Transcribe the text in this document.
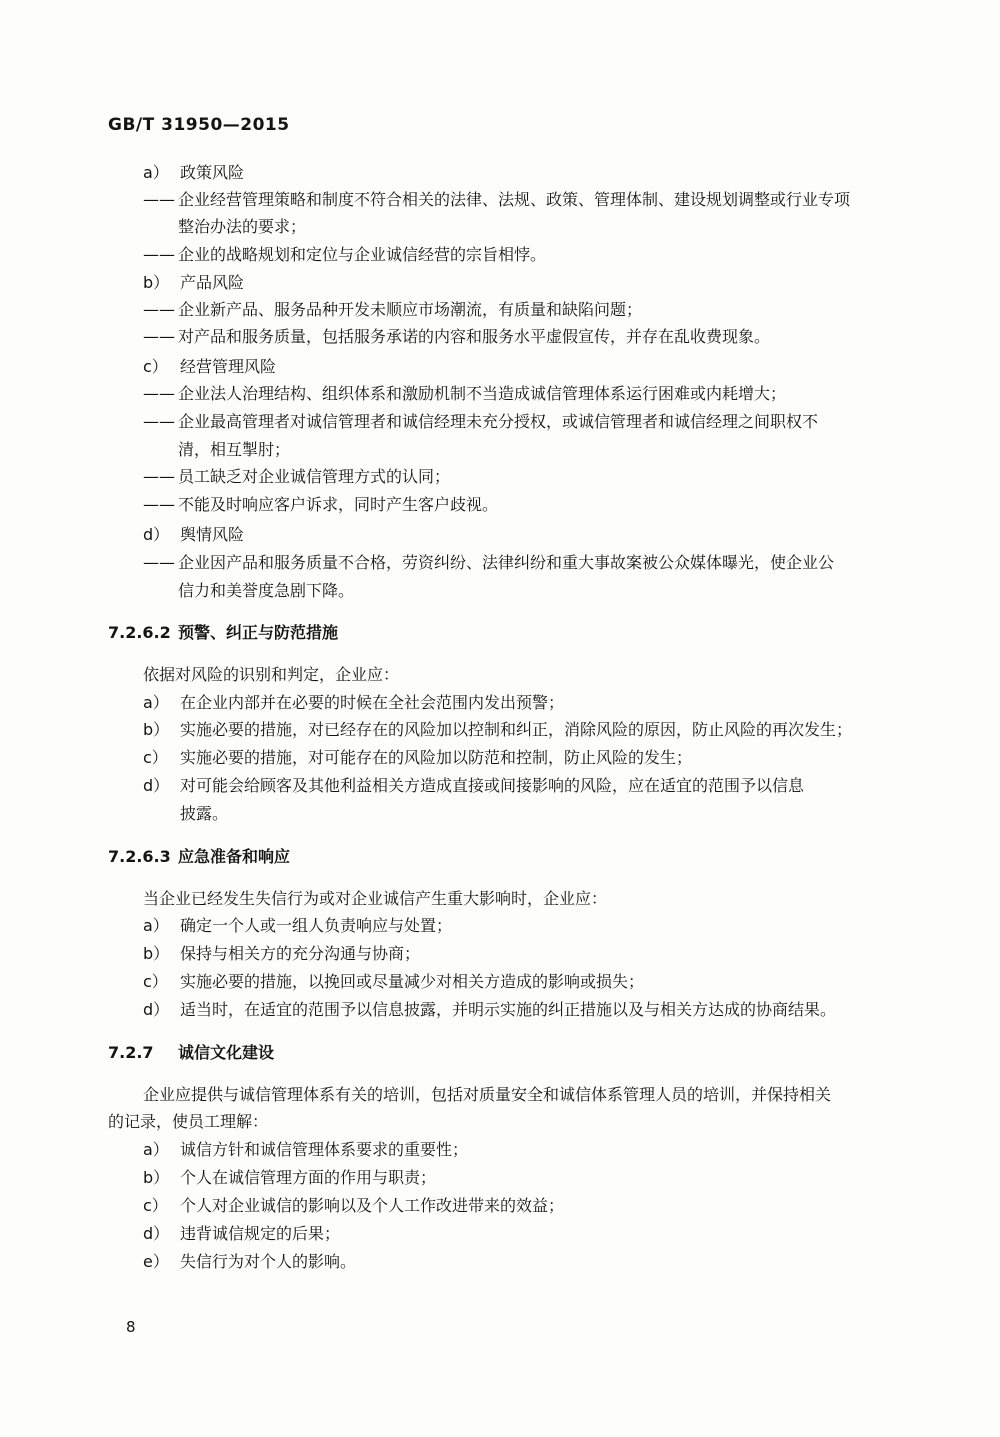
GB/T 31950—2015
a） 政策风险
—— 企业经营管理策略和制度不符合相关的法律、法规、政策、管理体制、建设规划调整或行业专项
整治办法的要求；
—— 企业的战略规划和定位与企业诚信经营的宗旨相悖。
b） 产品风险
—— 企业新产品、服务品种开发未顺应市场潮流，有质量和缺陷问题；
—— 对产品和服务质量，包括服务承诺的内容和服务水平虚假宣传，并存在乱收费现象。
c） 经营管理风险
—— 企业法人治理结构、组织体系和激励机制不当造成诚信管理体系运行困难或内耗增大；
—— 企业最高管理者对诚信管理者和诚信经理未充分授权，或诚信管理者和诚信经理之间职权不
清，相互掣肘；
—— 员工缺乏对企业诚信管理方式的认同；
—— 不能及时响应客户诉求，同时产生客户歧视。
d） 舆情风险
—— 企业因产品和服务质量不合格，劳资纠纷、法律纠纷和重大事故案被公众媒体曝光，使企业公
信力和美誉度急剧下降。
7.2.6.2 预警、纠正与防范措施
依据对风险的识别和判定，企业应：
a） 在企业内部并在必要的时候在全社会范围内发出预警；
b） 实施必要的措施，对已经存在的风险加以控制和纠正，消除风险的原因，防止风险的再次发生；
c） 实施必要的措施，对可能存在的风险加以防范和控制，防止风险的发生；
d） 对可能会给顾客及其他利益相关方造成直接或间接影响的风险，应在适宜的范围予以信息
披露。
7.2.6.3 应急准备和响应
当企业已经发生失信行为或对企业诚信产生重大影响时，企业应：
a） 确定一个人或一组人负责响应与处置；
b） 保持与相关方的充分沟通与协商；
c） 实施必要的措施，以挽回或尽量减少对相关方造成的影响或损失；
d） 适当时，在适宜的范围予以信息披露，并明示实施的纠正措施以及与相关方达成的协商结果。
7.2.7 诚信文化建设
企业应提供与诚信管理体系有关的培训，包括对质量安全和诚信体系管理人员的培训，并保持相关
的记录，使员工理解：
a） 诚信方针和诚信管理体系要求的重要性；
b） 个人在诚信管理方面的作用与职责；
c） 个人对企业诚信的影响以及个人工作改进带来的效益；
d） 违背诚信规定的后果；
e） 失信行为对个人的影响。
8
